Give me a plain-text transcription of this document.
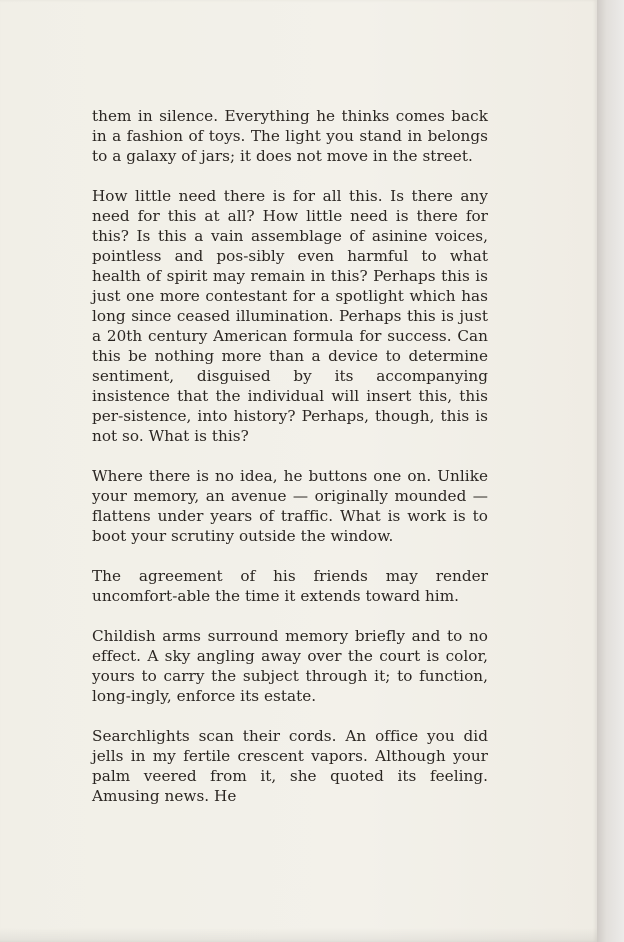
them in silence. Everything he thinks comes back in a fashion of toys. The light you stand in belongs to a galaxy of jars; it does not move in the street.

How little need there is for all this. Is there any need for this at all? How little need is there for this? Is this a vain assemblage of asinine voices, pointless and pos-sibly even harmful to what health of spirit may remain in this? Perhaps this is just one more contestant for a spotlight which has long since ceased illumination. Perhaps this is just a 20th century American formula for success. Can this be nothing more than a device to determine sentiment, disguised by its accompanying insistence that the individual will insert this, this per-sistence, into history? Perhaps, though, this is not so. What is this?

Where there is no idea, he buttons one on. Unlike your memory, an avenue — originally mounded — flattens under years of traffic. What is work is to boot your scrutiny outside the window.

The agreement of his friends may render uncomfort-able the time it extends toward him.

Childish arms surround memory briefly and to no effect. A sky angling away over the court is color, yours to carry the subject through it; to function, long-ingly, enforce its estate.

Searchlights scan their cords. An office you did jells in my fertile crescent vapors. Although your palm veered from it, she quoted its feeling. Amusing news. He
